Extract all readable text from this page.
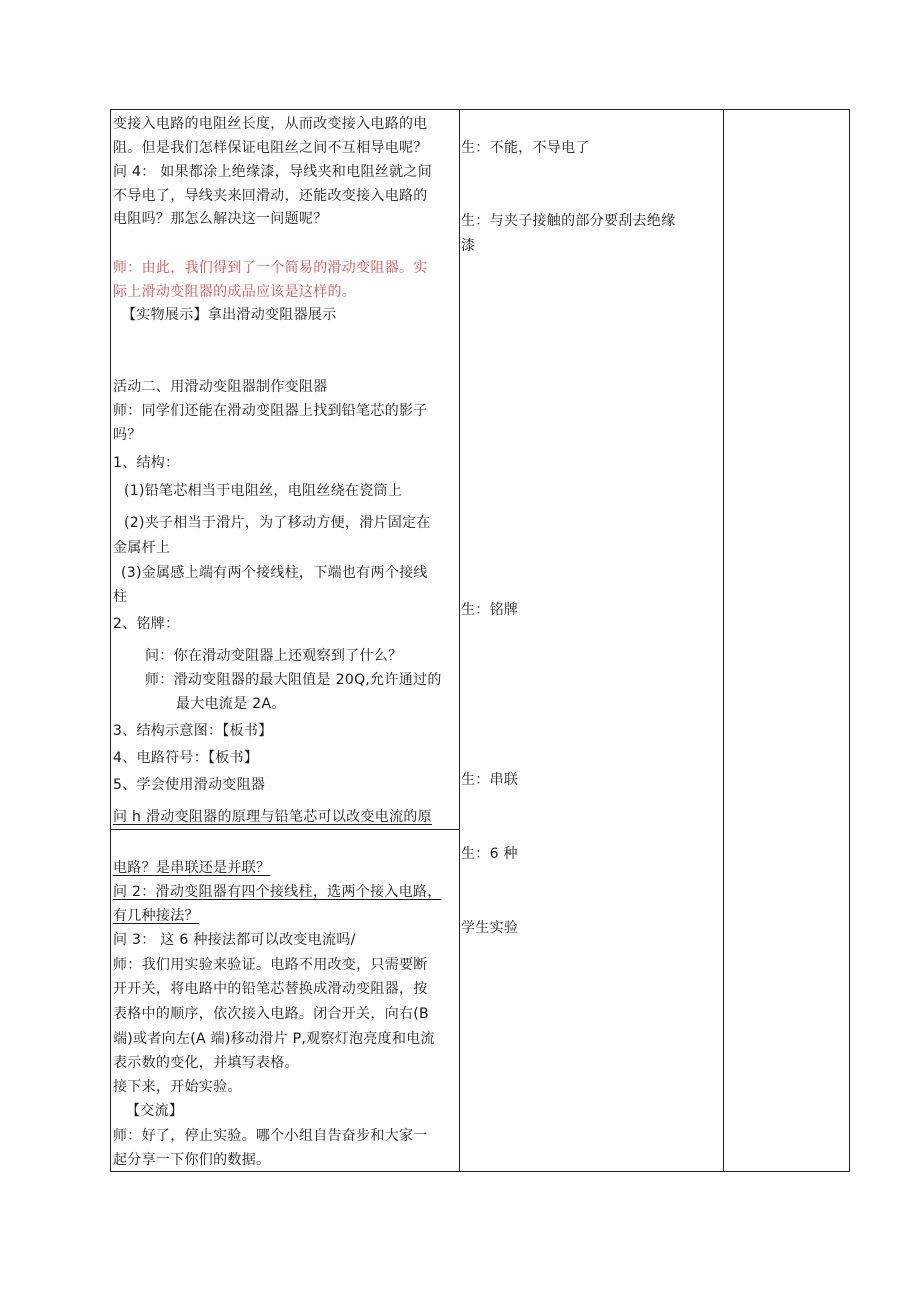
变接入电路的电阻丝长度，从而改变接入电路的电
阻。但是我们怎样保证电阻丝之间不互相导电呢？
问 4： 如果都涂上绝缘漆，导线夹和电阻丝就之间
不导电了，导线夹来回滑动，还能改变接入电路的
电阻吗？那怎么解决这一问题呢？
师：由此，我们得到了一个简易的滑动变阻器。实
际上滑动变阻器的成品应该是这样的。
【实物展示】拿出滑动变阻器展示
活动二、用滑动变阻器制作变阻器
师：同学们还能在滑动变阻器上找到铅笔芯的影子
吗？
1、结构：
(1)铅笔芯相当于电阻丝，电阻丝绕在瓷筒上
(2)夹子相当于滑片，为了移动方便，滑片固定在
金属杆上
(3)金属感上端有两个接线柱，下端也有两个接线
柱
2、铭牌：
问：你在滑动变阻器上还观察到了什么？
师：滑动变阻器的最大阻值是 20Q,允许通过的
最大电流是 2A。
3、结构示意图：【板书】
4、电路符号：【板书】
5、学会使用滑动变阻器
问 h 滑动变阻器的原理与铅笔芯可以改变电流的原
电路？是串联还是并联？
问 2：滑动变阻器有四个接线柱，选两个接入电路，
有几种接法？
问 3： 这 6 种接法都可以改变电流吗/
师：我们用实验来验证。电路不用改变，只需要断
开开关，将电路中的铅笔芯替换成滑动变阻器，按
表格中的顺序，依次接入电路。闭合开关，向右(B
端)或者向左(A 端)移动滑片 P,观察灯泡亮度和电流
表示数的变化，并填写表格。
接下来，开始实验。
【交流】
师：好了，停止实验。哪个小组自告奋步和大家一
起分享一下你们的数据。
生：不能，不导电了
生：与夹子接触的部分要刮去绝缘
漆
生：铭牌
生：串联
生：6 种
学生实验
